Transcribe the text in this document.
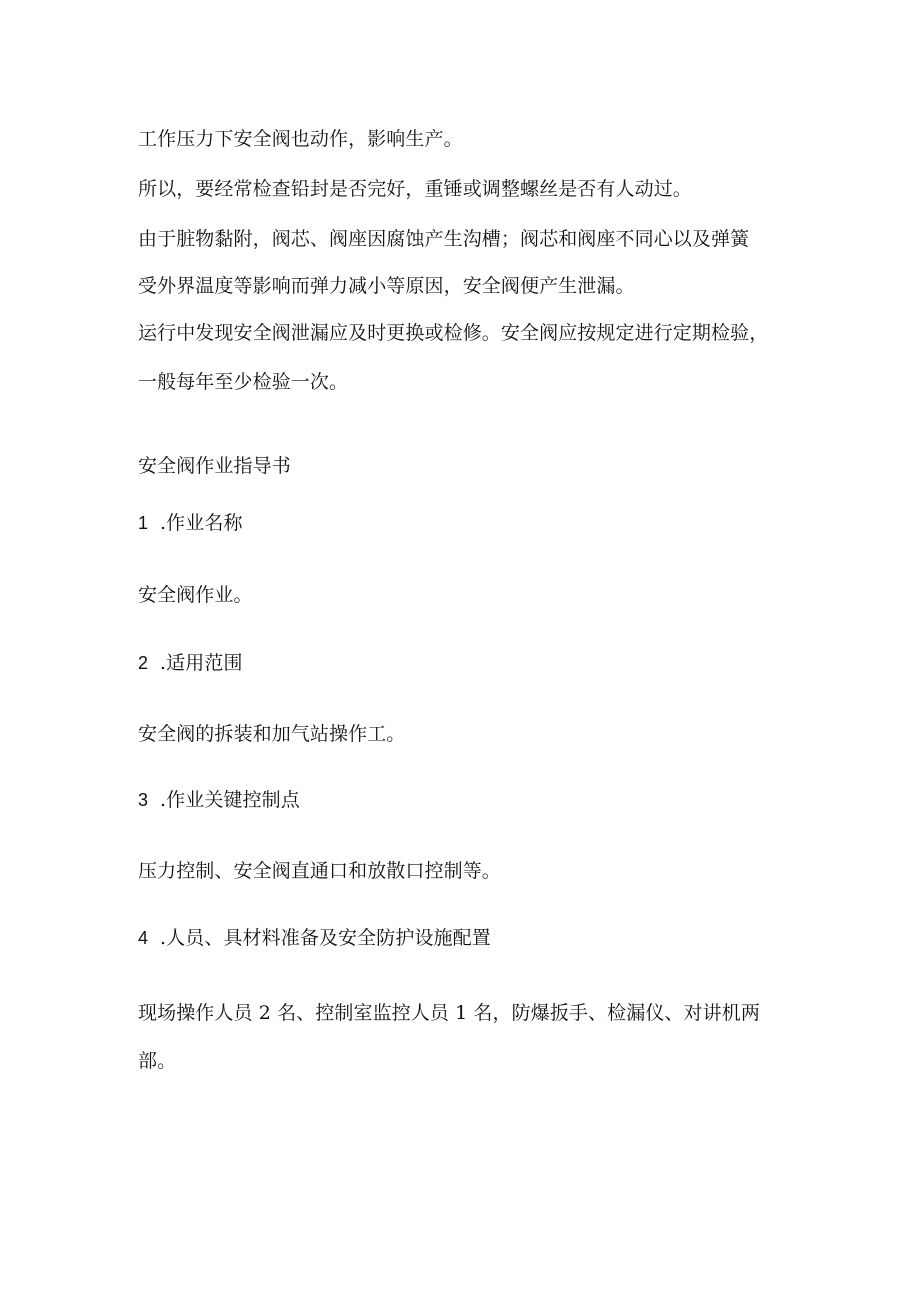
工作压力下安全阀也动作，影响生产。
所以，要经常检查铅封是否完好，重锤或调整螺丝是否有人动过。
由于脏物黏附，阀芯、阀座因腐蚀产生沟槽；阀芯和阀座不同心以及弹簧
受外界温度等影响而弹力减小等原因，安全阀便产生泄漏。
运行中发现安全阀泄漏应及时更换或检修。安全阀应按规定进行定期检验，
一般每年至少检验一次。
安全阀作业指导书
1 .作业名称
安全阀作业。
2 .适用范围
安全阀的拆装和加气站操作工。
3 .作业关键控制点
压力控制、安全阀直通口和放散口控制等。
4 .人员、具材料准备及安全防护设施配置
现场操作人员 2 名、控制室监控人员 1 名，防爆扳手、检漏仪、对讲机两
部。
